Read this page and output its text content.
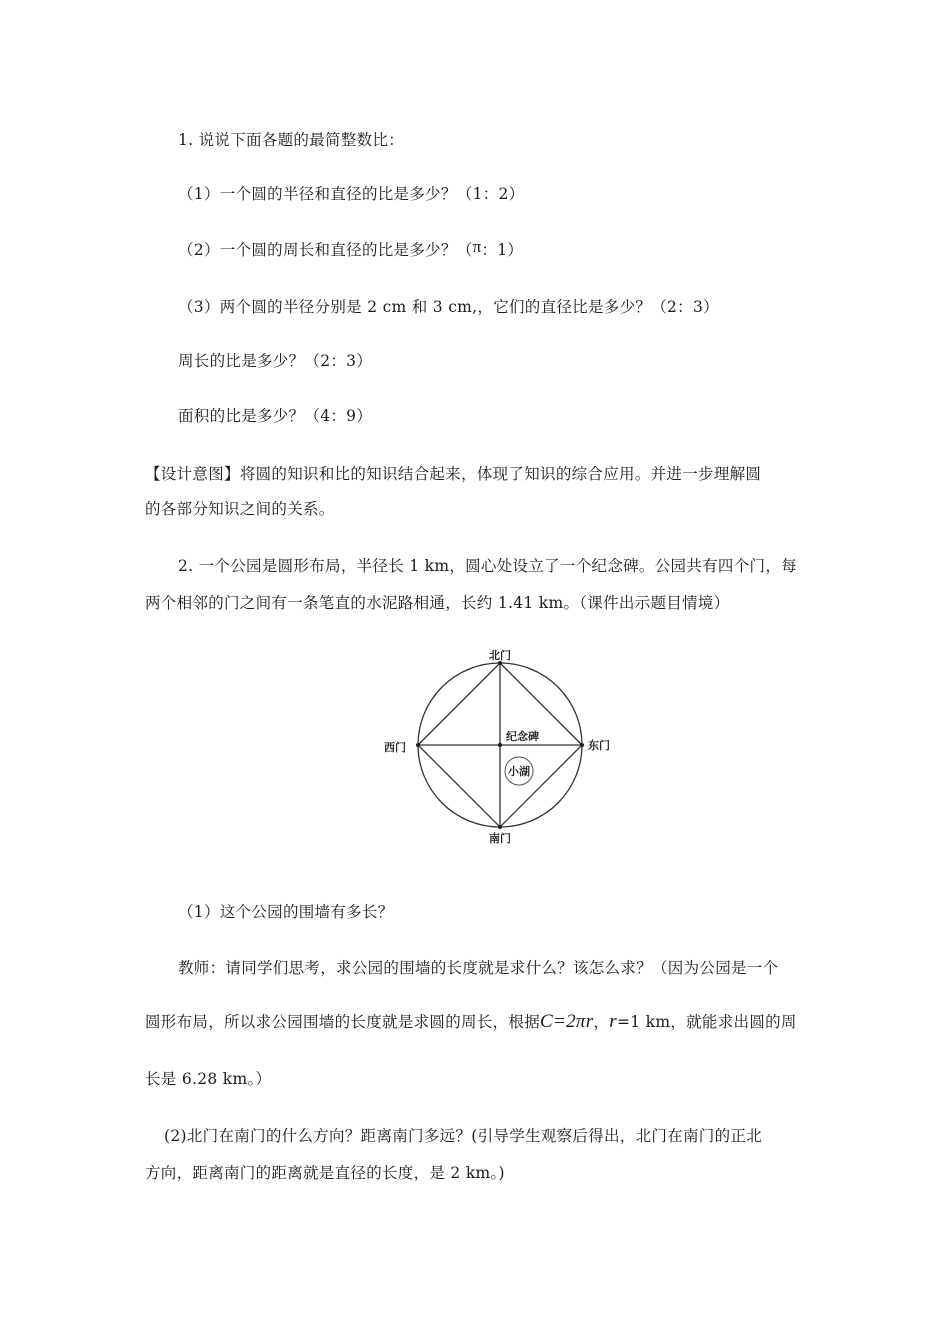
1. 说说下面各题的最简整数比：
（1）一个圆的半径和直径的比是多少？（1：2）
（2）一个圆的周长和直径的比是多少？（π：1）
（3）两个圆的半径分别是 2 cm 和 3 cm,，它们的直径比是多少？（2：3）
周长的比是多少？（2：3）
面积的比是多少？（4：9）
【设计意图】将圆的知识和比的知识结合起来，体现了知识的综合应用。并进一步理解圆
的各部分知识之间的关系。
2. 一个公园是圆形布局，半径长 1 km，圆心处设立了一个纪念碑。公园共有四个门，每
两个相邻的门之间有一条笔直的水泥路相通，长约 1.41 km。（课件出示题目情境）
北门
南门
东门
西门
纪念碑
小湖
（1）这个公园的围墙有多长？
教师：请同学们思考，求公园的围墙的长度就是求什么？该怎么求？（因为公园是一个
圆形布局，所以求公园围墙的长度就是求圆的周长，根据C=2πr，r=1 km，就能求出圆的周
长是 6.28 km。）
(2)北门在南门的什么方向？距离南门多远？(引导学生观察后得出，北门在南门的正北
方向，距离南门的距离就是直径的长度，是 2 km。)
